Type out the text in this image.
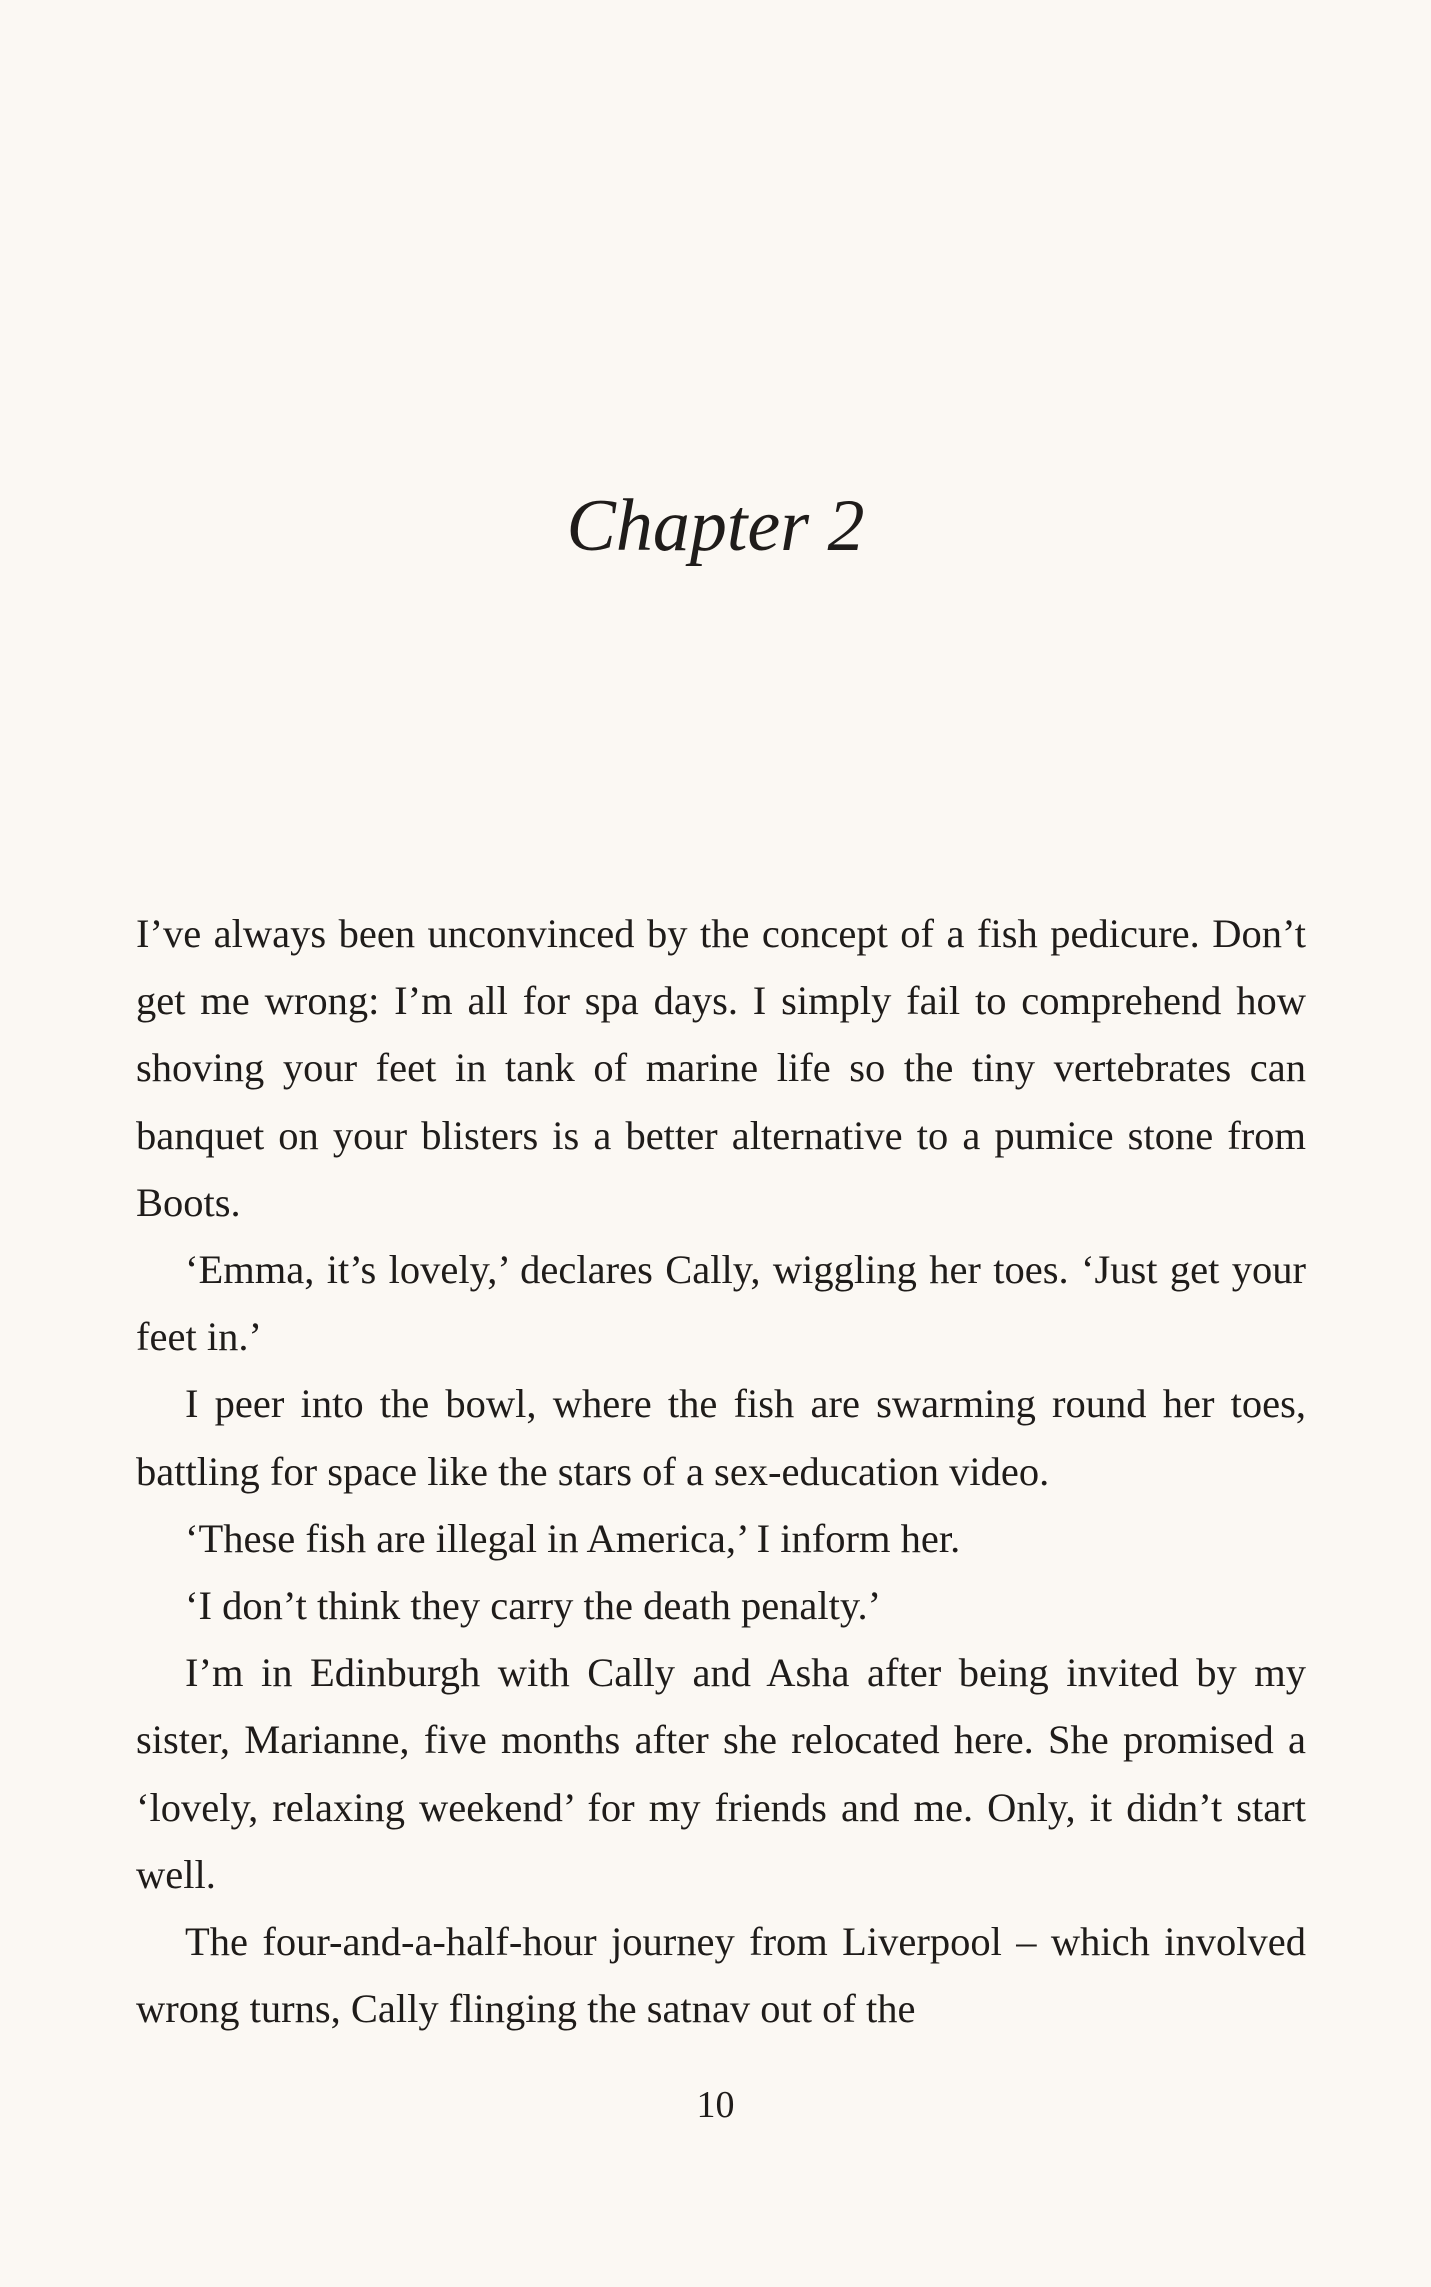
Chapter 2

I’ve always been unconvinced by the concept of a fish pedicure. Don’t get me wrong: I’m all for spa days. I simply fail to comprehend how shoving your feet in tank of marine life so the tiny vertebrates can banquet on your blisters is a better alternative to a pumice stone from Boots.

‘Emma, it’s lovely,’ declares Cally, wiggling her toes. ‘Just get your feet in.’

I peer into the bowl, where the fish are swarming round her toes, battling for space like the stars of a sex-education video.

‘These fish are illegal in America,’ I inform her.

‘I don’t think they carry the death penalty.’

I’m in Edinburgh with Cally and Asha after being invited by my sister, Marianne, five months after she relocated here. She promised a ‘lovely, relaxing weekend’ for my friends and me. Only, it didn’t start well.

The four-and-a-half-hour journey from Liverpool – which involved wrong turns, Cally flinging the satnav out of the

10
